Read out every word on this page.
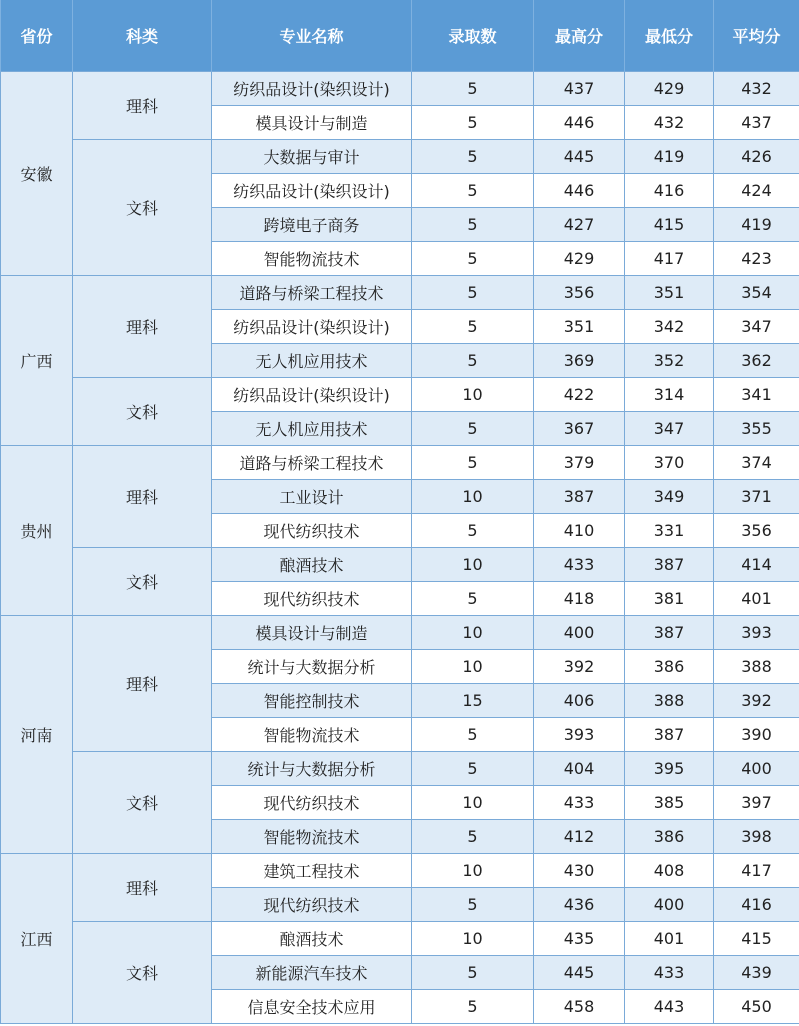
省份	科类	专业名称	录取数	最高分	最低分	平均分
安徽	理科	纺织品设计(染织设计)	5	437	429	432
		模具设计与制造	5	446	432	437
	文科	大数据与审计	5	445	419	426
		纺织品设计(染织设计)	5	446	416	424
		跨境电子商务	5	427	415	419
		智能物流技术	5	429	417	423
广西	理科	道路与桥梁工程技术	5	356	351	354
		纺织品设计(染织设计)	5	351	342	347
		无人机应用技术	5	369	352	362
	文科	纺织品设计(染织设计)	10	422	314	341
		无人机应用技术	5	367	347	355
贵州	理科	道路与桥梁工程技术	5	379	370	374
		工业设计	10	387	349	371
		现代纺织技术	5	410	331	356
	文科	酿酒技术	10	433	387	414
		现代纺织技术	5	418	381	401
河南	理科	模具设计与制造	10	400	387	393
		统计与大数据分析	10	392	386	388
		智能控制技术	15	406	388	392
		智能物流技术	5	393	387	390
	文科	统计与大数据分析	5	404	395	400
		现代纺织技术	10	433	385	397
		智能物流技术	5	412	386	398
江西	理科	建筑工程技术	10	430	408	417
		现代纺织技术	5	436	400	416
	文科	酿酒技术	10	435	401	415
		新能源汽车技术	5	445	433	439
		信息安全技术应用	5	458	443	450
